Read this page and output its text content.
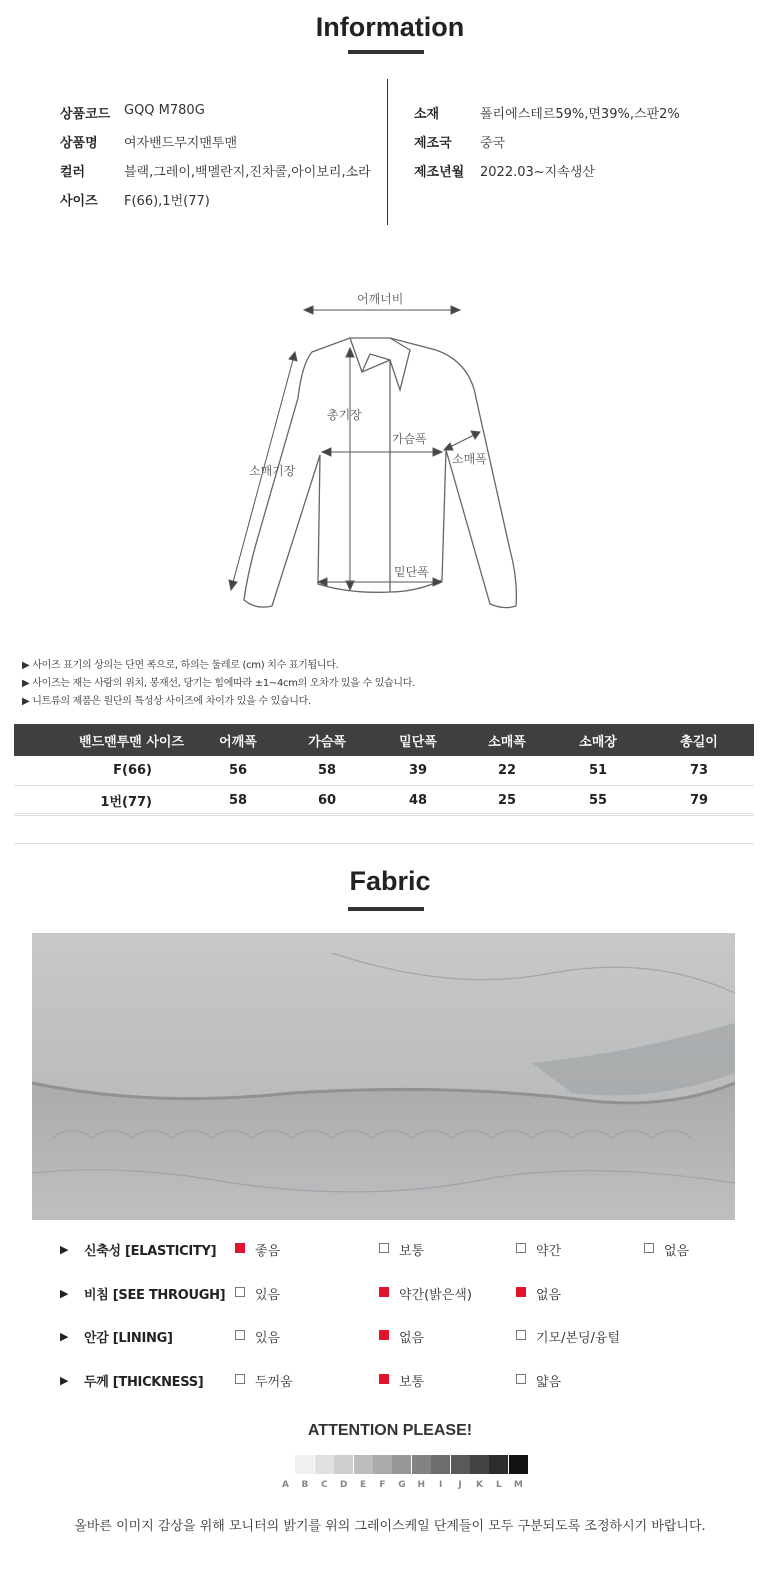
Information
상품코드 GQQ M780G
상품명 여자밴드무지맨투맨
컬러	블랙,그레이,백멜란지,진차콜,아이보리,소라
사이즈 F(66),1번(77)
소재	폴리에스테르59%,면39%,스판2%
제조국 중국
제조년월 2022.03~지속생산
어깨너비
총기장
가슴폭
소매폭
소매기장
밑단폭
▶ 사이즈 표기의 상의는 단면 폭으로, 하의는 둘레로 (cm) 치수 표기됩니다.
▶ 사이즈는 재는 사람의 위치, 봉재선, 당기는 힘에따라 ±1~4cm의 오차가 있을 수 있습니다.
▶ 니트류의 제품은 원단의 특성상 사이즈에 차이가 있을 수 있습니다.
밴드맨투맨 사이즈	어깨폭	가슴폭	밑단폭	소매폭	소매장	총길이
F(66)	56	58	39	22	51	73
1번(77)	58	60	48	25	55	79
Fabric
▶ 신축성 [ELASTICITY]	좋음	보통	약간	없음
▶ 비침 [SEE THROUGH] 있음	약간(밝은색)	없음
▶ 안감 [LINING]	있음	없음	기모/본딩/융털
▶ 두께 [THICKNESS]	두꺼움	보통	얇음
ATTENTION PLEASE!
올바른 이미지 감상을 위해 모니터의 밝기를 위의 그레이스케일 단계들이 모두 구분되도록 조정하시기 바랍니다.
A	B	C	D	E	F	G	H	I	J	K	L	M
